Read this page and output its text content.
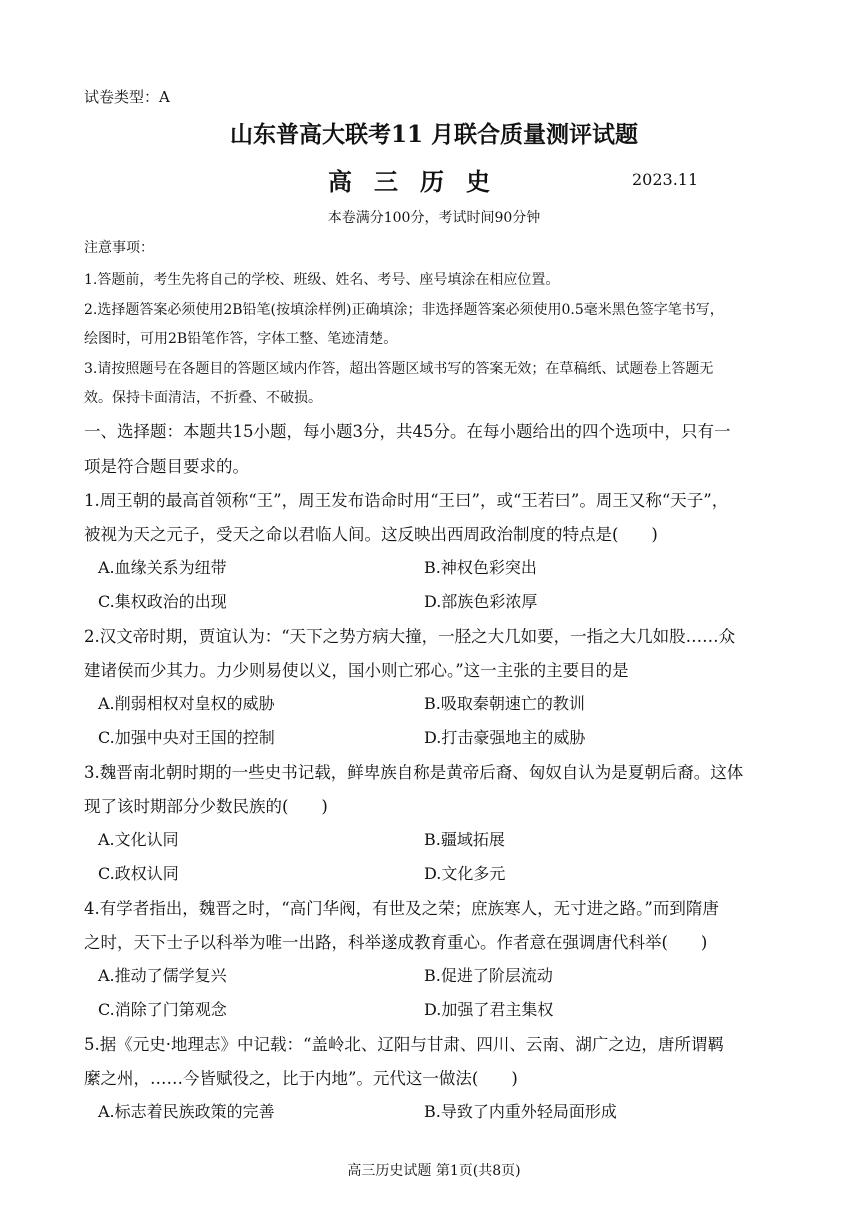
试卷类型：A
山东普高大联考11 月联合质量测评试题
高三历史	2023.11
本卷满分100分，考试时间90分钟
注意事项：
1.答题前，考生先将自己的学校、班级、姓名、考号、座号填涂在相应位置。
2.选择题答案必须使用2B铅笔(按填涂样例)正确填涂；非选择题答案必须使用0.5毫米黑色签字笔书写，
绘图时，可用2B铅笔作答，字体工整、笔迹清楚。
3.请按照题号在各题目的答题区域内作答，超出答题区域书写的答案无效；在草稿纸、试题卷上答题无
效。保持卡面清洁，不折叠、不破损。
一、选择题：本题共15小题，每小题3分，共45分。在每小题给出的四个选项中，只有一
项是符合题目要求的。
1.周王朝的最高首领称“王”，周王发布诰命时用“王曰”，或“王若曰”。周王又称“天子”，
被视为天之元子，受天之命以君临人间。这反映出西周政治制度的特点是(　　)
A.血缘关系为纽带	B.神权色彩突出
C.集权政治的出现	D.部族色彩浓厚
2.汉文帝时期，贾谊认为：“天下之势方病大撞，一胫之大几如要，一指之大几如股……众
建诸侯而少其力。力少则易使以义，国小则亡邪心。”这一主张的主要目的是
A.削弱相权对皇权的威胁	B.吸取秦朝速亡的教训
C.加强中央对王国的控制	D.打击豪强地主的威胁
3.魏晋南北朝时期的一些史书记载，鲜卑族自称是黄帝后裔、匈奴自认为是夏朝后裔。这体
现了该时期部分少数民族的(　　)
A.文化认同	B.疆域拓展
C.政权认同	D.文化多元
4.有学者指出，魏晋之时，“高门华阀，有世及之荣；庶族寒人，无寸进之路。”而到隋唐
之时，天下士子以科举为唯一出路，科举遂成教育重心。作者意在强调唐代科举(　　)
A.推动了儒学复兴	B.促进了阶层流动
C.消除了门第观念	D.加强了君主集权
5.据《元史·地理志》中记载：“盖岭北、辽阳与甘肃、四川、云南、湖广之边，唐所谓羁
縻之州，……今皆赋役之，比于内地”。元代这一做法(　　)
A.标志着民族政策的完善	B.导致了内重外轻局面形成
高三历史试题 第1页(共8页)
